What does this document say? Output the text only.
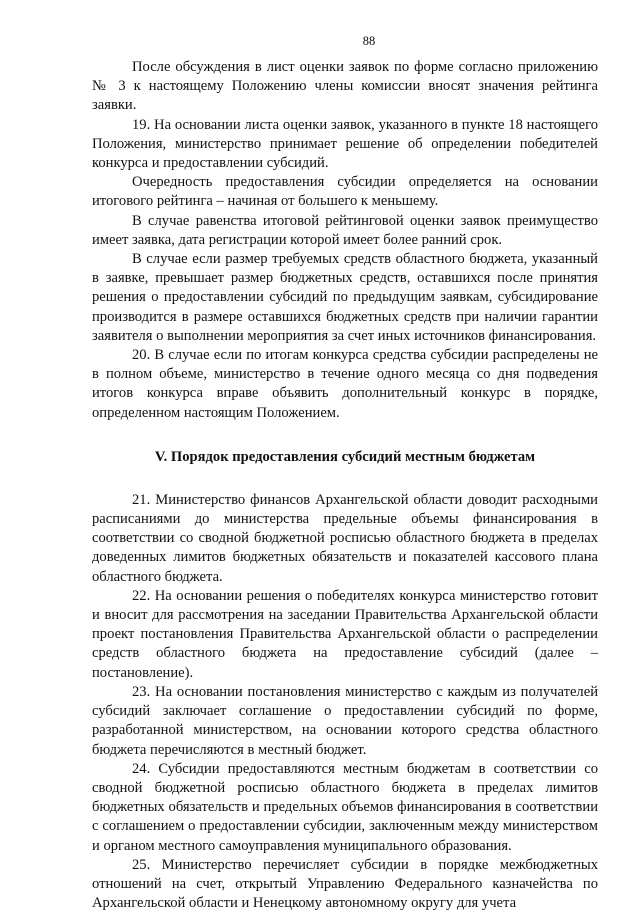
88

После обсуждения в лист оценки заявок по форме согласно приложению № 3 к настоящему Положению члены комиссии вносят значения рейтинга заявки.

19. На основании листа оценки заявок, указанного в пункте 18 настоящего Положения, министерство принимает решение об определении победителей конкурса и предоставлении субсидий.

Очередность предоставления субсидии определяется на основании итогового рейтинга – начиная от большего к меньшему.

В случае равенства итоговой рейтинговой оценки заявок преимущество имеет заявка, дата регистрации которой имеет более ранний срок.

В случае если размер требуемых средств областного бюджета, указанный в заявке, превышает размер бюджетных средств, оставшихся после принятия решения о предоставлении субсидий по предыдущим заявкам, субсидирование производится в размере оставшихся бюджетных средств при наличии гарантии заявителя о выполнении мероприятия за счет иных источников финансирования.

20. В случае если по итогам конкурса средства субсидии распределены не в полном объеме, министерство в течение одного месяца со дня подведения итогов конкурса вправе объявить дополнительный конкурс в порядке, определенном настоящим Положением.

V. Порядок предоставления субсидий местным бюджетам

21. Министерство финансов Архангельской области доводит расходными расписаниями до министерства предельные объемы финансирования в соответствии со сводной бюджетной росписью областного бюджета в пределах доведенных лимитов бюджетных обязательств и показателей кассового плана областного бюджета.

22. На основании решения о победителях конкурса министерство готовит и вносит для рассмотрения на заседании Правительства Архангельской области проект постановления Правительства Архангельской области о распределении средств областного бюджета на предоставление субсидий (далее – постановление).

23. На основании постановления министерство с каждым из получателей субсидий заключает соглашение о предоставлении субсидий по форме, разработанной министерством, на основании которого средства областного бюджета перечисляются в местный бюджет.

24. Субсидии предоставляются местным бюджетам в соответствии со сводной бюджетной росписью областного бюджета в пределах лимитов бюджетных обязательств и предельных объемов финансирования в соответствии с соглашением о предоставлении субсидии, заключенным между министерством и органом местного самоуправления муниципального образования.

25. Министерство перечисляет субсидии в порядке межбюджетных отношений на счет, открытый Управлению Федерального казначейства по Архангельской области и Ненецкому автономному округу для учета
